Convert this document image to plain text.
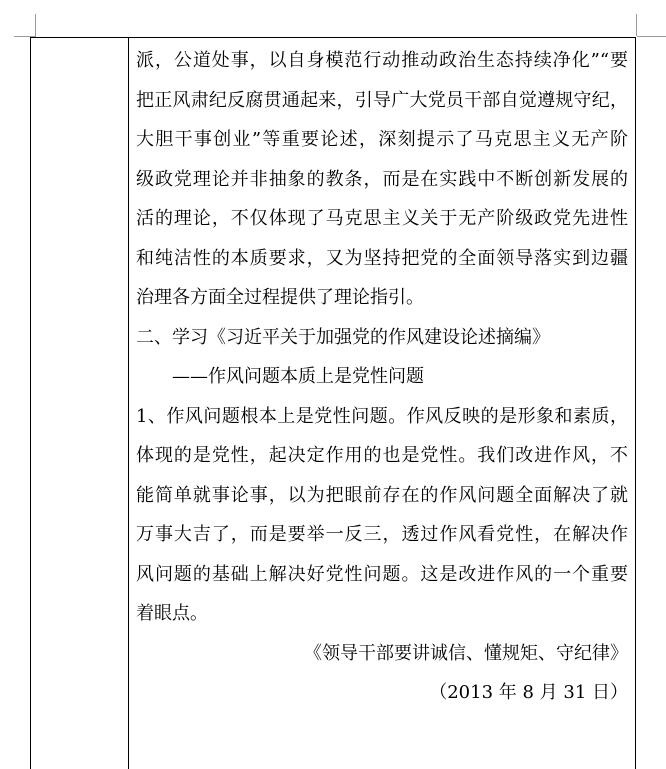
派，公道处事，以自身模范行动推动政治生态持续净化”“要
把正风肃纪反腐贯通起来，引导广大党员干部自觉遵规守纪，
大胆干事创业”等重要论述，深刻提示了马克思主义无产阶
级政党理论并非抽象的教条，而是在实践中不断创新发展的
活的理论，不仅体现了马克思主义关于无产阶级政党先进性
和纯洁性的本质要求，又为坚持把党的全面领导落实到边疆
治理各方面全过程提供了理论指引。
二、学习《习近平关于加强党的作风建设论述摘编》
——作风问题本质上是党性问题
1、作风问题根本上是党性问题。作风反映的是形象和素质，
体现的是党性，起决定作用的也是党性。我们改进作风，不
能简单就事论事，以为把眼前存在的作风问题全面解决了就
万事大吉了，而是要举一反三，透过作风看党性，在解决作
风问题的基础上解决好党性问题。这是改进作风的一个重要
着眼点。
《领导干部要讲诚信、懂规矩、守纪律》
（2013 年 8 月 31 日）
